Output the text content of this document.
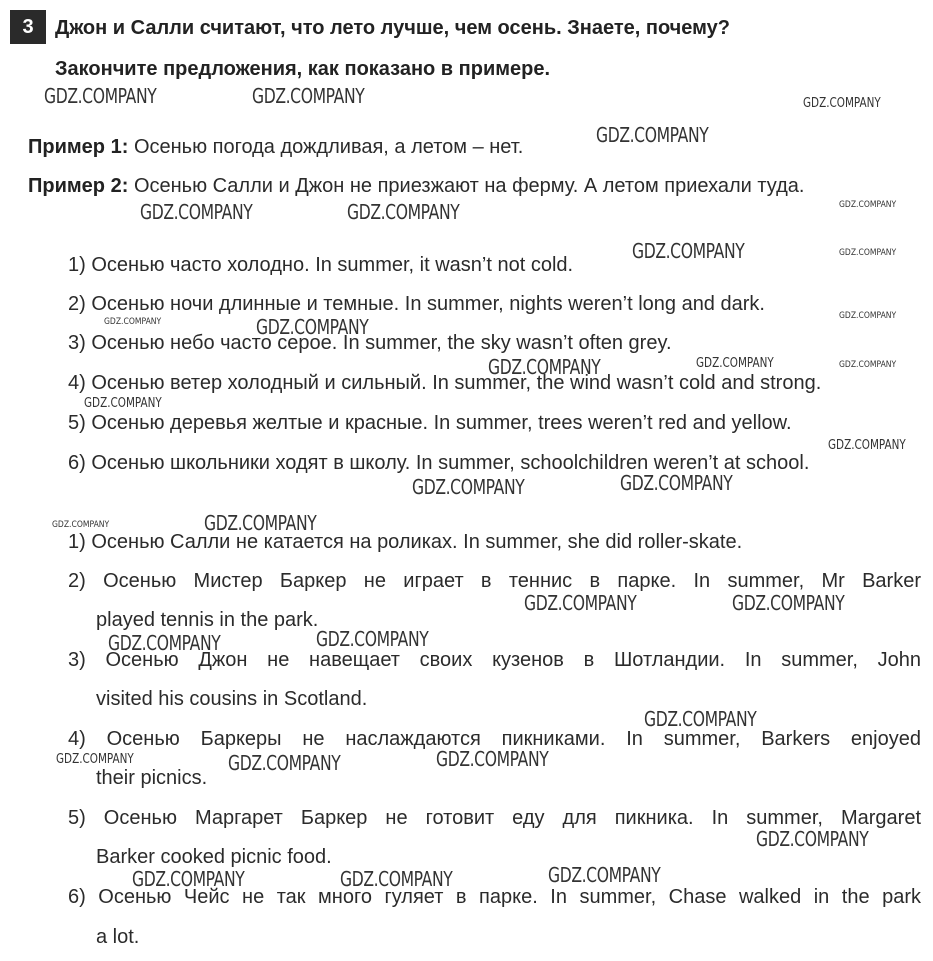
3	Джон и Салли считают, что лето лучше, чем осень. Знаете, почему?
Закончите предложения, как показано в примере.
Пример 1: Осенью погода дождливая, а летом – нет.
Пример 2: Осенью Салли и Джон не приезжают на ферму. А летом приехали туда.
1) Осенью часто холодно. In summer, it wasn’t not cold.
2) Осенью ночи длинные и темные. In summer, nights weren’t long and dark.
3) Осенью небо часто серое. In summer, the sky wasn’t often grey.
4) Осенью ветер холодный и сильный. In summer, the wind wasn’t cold and strong.
5) Осенью деревья желтые и красные. In summer, trees weren’t red and yellow.
6) Осенью школьники ходят в школу. In summer, schoolchildren weren’t at school.
1) Осенью Салли не катается на роликах. In summer, she did roller-skate.
2) Осенью Мистер Баркер не играет в теннис в парке. In summer, Mr Barker
played tennis in the park.
3) Осенью Джон не навещает своих кузенов в Шотландии. In summer, John
visited his cousins in Scotland.
4) Осенью Баркеры не наслаждаются пикниками. In summer, Barkers enjoyed
their picnics.
5) Осенью Маргарет Баркер не готовит еду для пикника. In summer, Margaret
Barker cooked picnic food.
6) Осенью Чейс не так много гуляет в парке. In summer, Chase walked in the park
a lot.
GDZ.COMPANY	GDZ.COMPANY	GDZ.COMPANY
GDZ.COMPANY
GDZ.COMPANY	GDZ.COMPANY	GDZ.COMPANY
GDZ.COMPANY	GDZ.COMPANY
GDZ.COMPANY	GDZ.COMPANY	GDZ.COMPANY
GDZ.COMPANY	GDZ.COMPANY	GDZ.COMPANY
GDZ.COMPANY
GDZ.COMPANY
GDZ.COMPANY	GDZ.COMPANY
GDZ.COMPANY	GDZ.COMPANY
GDZ.COMPANY	GDZ.COMPANY
GDZ.COMPANY	GDZ.COMPANY
GDZ.COMPANY
GDZ.COMPANY	GDZ.COMPANY	GDZ.COMPANY
GDZ.COMPANY
GDZ.COMPANY	GDZ.COMPANY	GDZ.COMPANY
